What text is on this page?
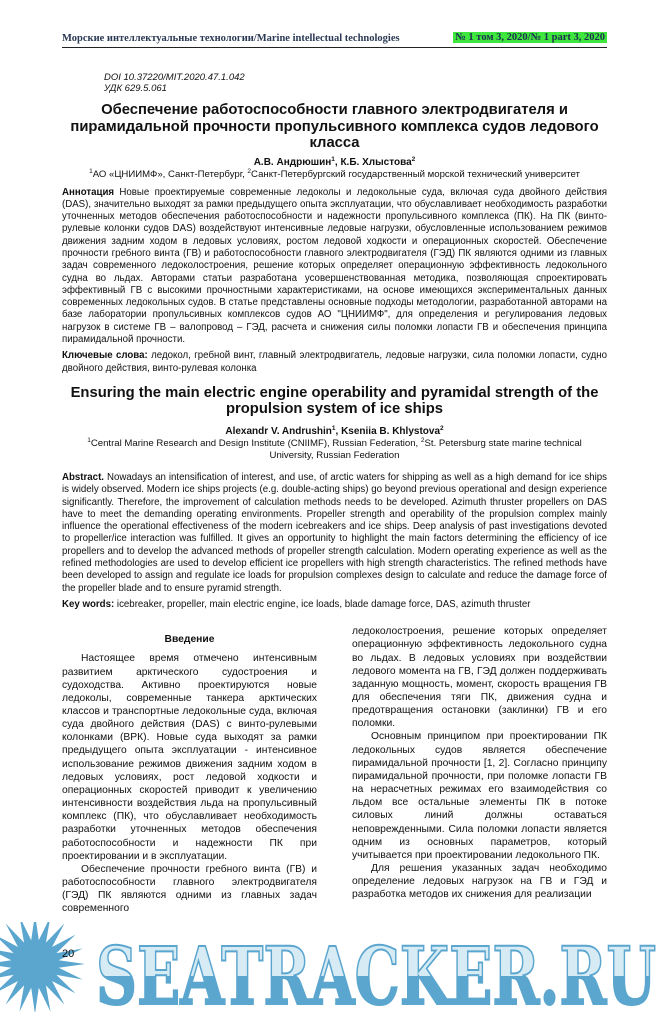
Морские интеллектуальные технологии/Marine intellectual technologies	№ 1 том 3, 2020/№ 1 part 3, 2020
DOI 10.37220/MIT.2020.47.1.042
УДК 629.5.061
Обеспечение работоспособности главного электродвигателя и пирамидальной прочности пропульсивного комплекса судов ледового класса
А.В. Андрюшин$^1$, К.Б. Хлыстова$^2$
$^1$АО «ЦНИИМФ», Санкт-Петербург, $^2$Санкт-Петербургский государственный морской технический университет
Аннотация Новые проектируемые современные ледоколы и ледокольные суда, включая суда двойного действия (DAS), значительно выходят за рамки предыдущего опыта эксплуатации, что обуславливает необходимость разработки уточненных методов обеспечения работоспособности и надежности пропульсивного комплекса (ПК). На ПК (винто-рулевые колонки судов DAS) воздействуют интенсивные ледовые нагрузки, обусловленные использованием режимов движения задним ходом в ледовых условиях, ростом ледовой ходкости и операционных скоростей. Обеспечение прочности гребного винта (ГВ) и работоспособности главного электродвигателя (ГЭД) ПК являются одними из главных задач современного ледоколостроения, решение которых определяет операционную эффективность ледокольного судна во льдах. Авторами статьи разработана усовершенствованная методика, позволяющая спроектировать эффективный ГВ с высокими прочностными характеристиками, на основе имеющихся экспериментальных данных современных ледокольных судов. В статье представлены основные подходы методологии, разработанной авторами на базе лаборатории пропульсивных комплексов судов АО "ЦНИИМФ", для определения и регулирования ледовых нагрузок в системе ГВ – валопровод – ГЭД, расчета и снижения силы поломки лопасти ГВ и обеспечения принципа пирамидальной прочности.
Ключевые слова: ледокол, гребной винт, главный электродвигатель, ледовые нагрузки, сила поломки лопасти, судно двойного действия, винто-рулевая колонка
Ensuring the main electric engine operability and pyramidal strength of the propulsion system of ice ships
Alexandr V. Andrushin$^1$, Kseniia B. Khlystova$^2$
$^1$Central Marine Research and Design Institute (CNIIMF), Russian Federation, $^2$St. Petersburg state marine technical University, Russian Federation
Abstract. Nowadays an intensification of interest, and use, of arctic waters for shipping as well as a high demand for ice ships is widely observed. Modern ice ships projects (e.g. double-acting ships) go beyond previous operational and design experience significantly. Therefore, the improvement of calculation methods needs to be developed. Azimuth thruster propellers on DAS have to meet the demanding operating environments. Propeller strength and operability of the propulsion complex mainly influence the operational effectiveness of the modern icebreakers and ice ships. Deep analysis of past investigations devoted to propeller/ice interaction was fulfilled. It gives an opportunity to highlight the main factors determining the efficiency of ice propellers and to develop the advanced methods of propeller strength calculation. Modern operating experience as well as the refined methodologies are used to develop efficient ice propellers with high strength characteristics. The refined methods have been developed to assign and regulate ice loads for propulsion complexes design to calculate and reduce the damage force of the propeller blade and to ensure pyramid strength.
Key words: icebreaker, propeller, main electric engine, ice loads, blade damage force, DAS, azimuth thruster
Введение

Настоящее время отмечено интенсивным развитием арктического судостроения и судоходства. Активно проектируются новые ледоколы, современные танкера арктических классов и транспортные ледокольные суда, включая суда двойного действия (DAS) с винто-рулевыми колонками (ВРК). Новые суда выходят за рамки предыдущего опыта эксплуатации - интенсивное использование режимов движения задним ходом в ледовых условиях, рост ледовой ходкости и операционных скоростей приводит к увеличению интенсивности воздействия льда на пропульсивный комплекс (ПК), что обуславливает необходимость разработки уточненных методов обеспечения работоспособности и надежности ПК при проектировании и в эксплуатации.

Обеспечение прочности гребного винта (ГВ) и работоспособности главного электродвигателя (ГЭД) ПК являются одними из главных задач современного

ледоколостроения, решение которых определяет операционную эффективность ледокольного судна во льдах. В ледовых условиях при воздействии ледового момента на ГВ, ГЭД должен поддерживать заданную мощность, момент, скорость вращения ГВ для обеспечения тяги ПК, движения судна и предотвращения остановки (заклинки) ГВ и его поломки.

Основным принципом при проектировании ПК ледокольных судов является обеспечение пирамидальной прочности [1, 2]. Согласно принципу пирамидальной прочности, при поломке лопасти ГВ на нерасчетных режимах его взаимодействия со льдом все остальные элементы ПК в потоке силовых линий должны оставаться неповрежденными. Сила поломки лопасти является одним из основных параметров, который учитывается при проектировании ледокольного ПК.

Для решения указанных задач необходимо определение ледовых нагрузок на ГВ и ГЭД и разработка методов их снижения для реализации

SEATRACKER.RU
20
